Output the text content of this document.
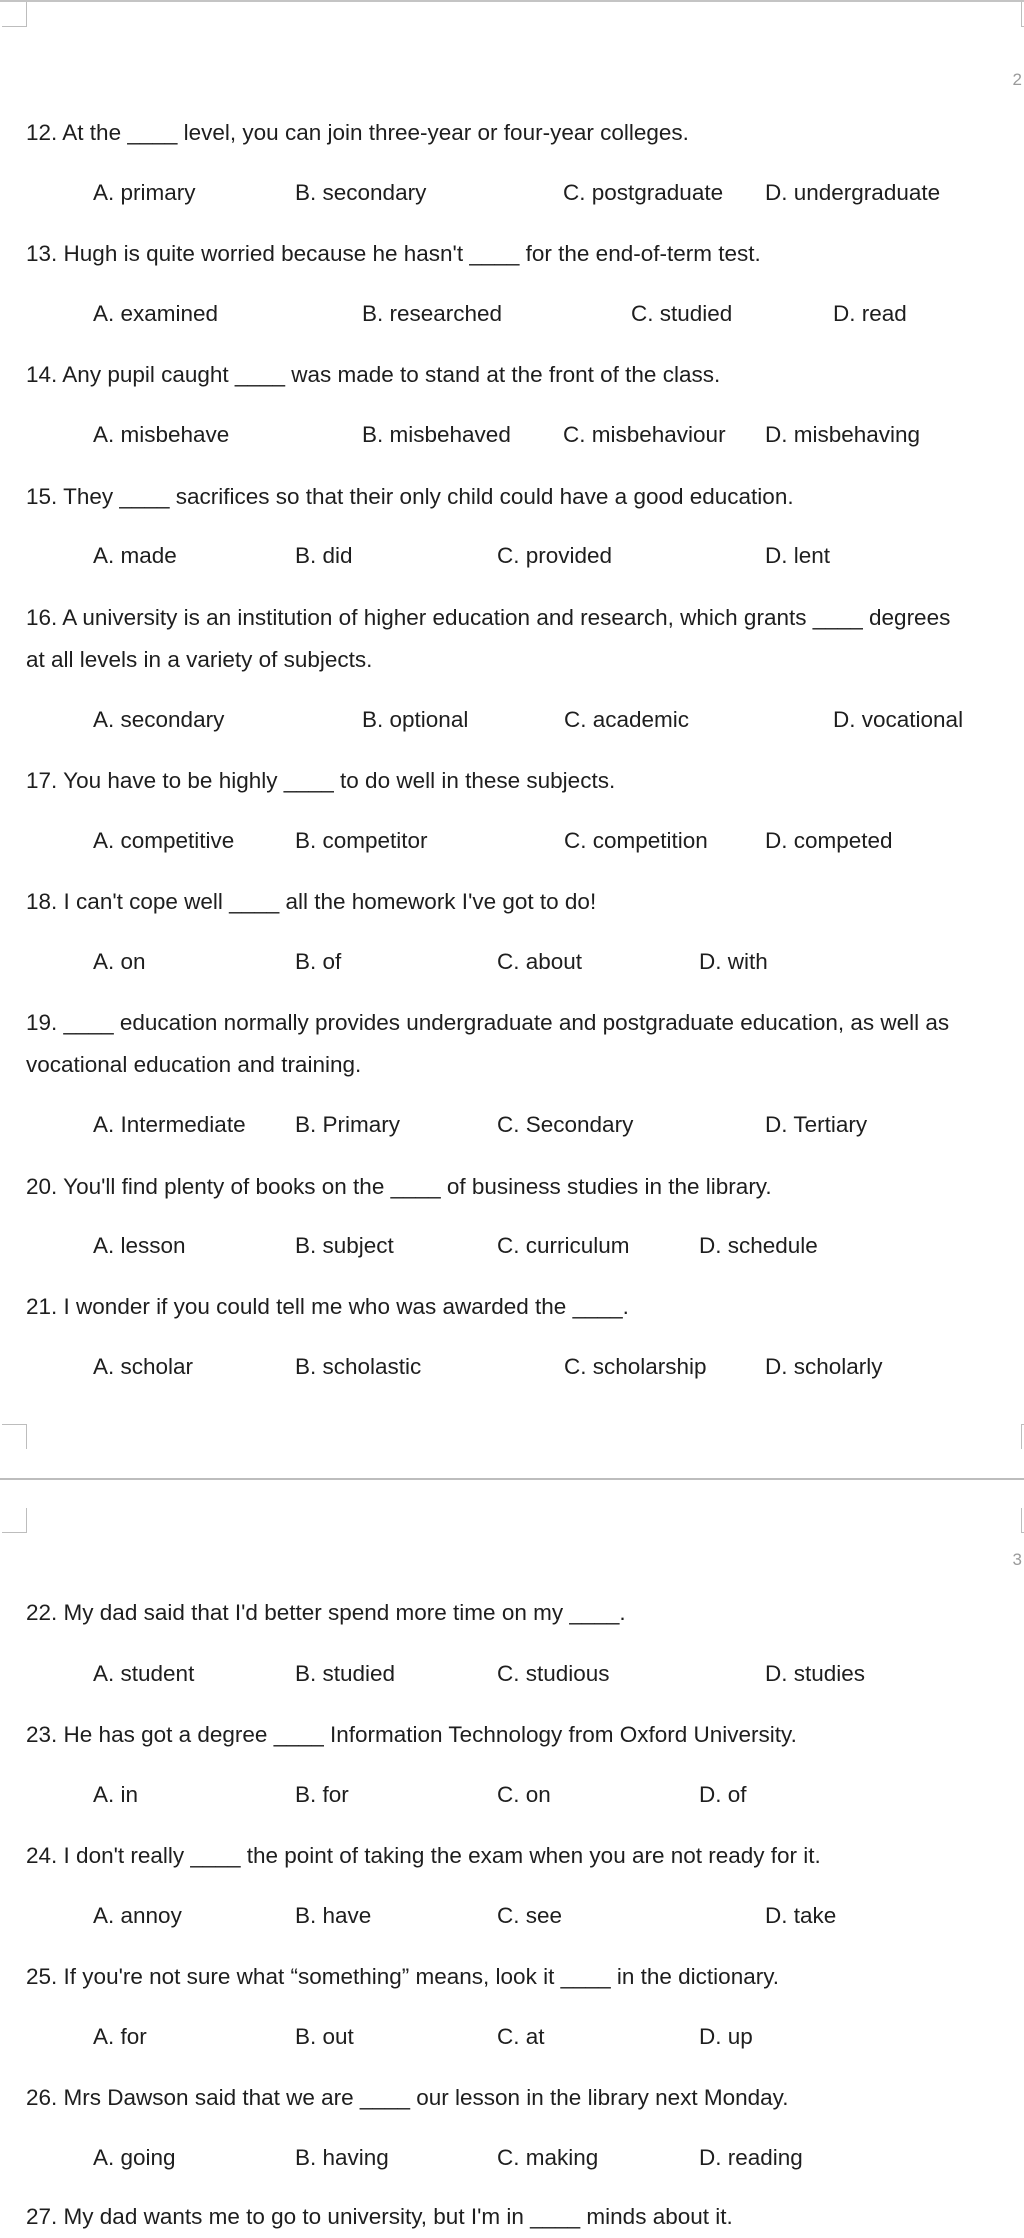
2
12. At the ____ level, you can join three-year or four-year colleges.
A. primary	B. secondary	C. postgraduate D. undergraduate
13. Hugh is quite worried because he hasn't ____ for the end-of-term test.
A. examined	B. researched	C. studied	D. read
14. Any pupil caught ____ was made to stand at the front of the class.
A. misbehave	B. misbehaved C. misbehaviour D. misbehaving
15. They ____ sacrifices so that their only child could have a good education.
A. made	B. did	C. provided	D. lent
16. A university is an institution of higher education and research, which grants ____ degrees
at all levels in a variety of subjects.
A. secondary	B. optional	C. academic	D. vocational
17. You have to be highly ____ to do well in these subjects.
A. competitive	B. competitor	C. competition	D. competed
18. I can't cope well ____ all the homework I've got to do!
A. on	B. of	C. about	D. with
19. ____ education normally provides undergraduate and postgraduate education, as well as
vocational education and training.
A. Intermediate B. Primary	C. Secondary	D. Tertiary
20. You'll find plenty of books on the ____ of business studies in the library.
A. lesson	B. subject	C. curriculum	D. schedule
21. I wonder if you could tell me who was awarded the ____.
A. scholar	B. scholastic	C. scholarship	D. scholarly
3
22. My dad said that I'd better spend more time on my ____.
A. student	B. studied	C. studious	D. studies
23. He has got a degree ____ Information Technology from Oxford University.
A. in	B. for	C. on	D. of
24. I don't really ____ the point of taking the exam when you are not ready for it.
A. annoy	B. have	C. see	D. take
25. If you're not sure what “something” means, look it ____ in the dictionary.
A. for	B. out	C. at	D. up
26. Mrs Dawson said that we are ____ our lesson in the library next Monday.
A. going	B. having	C. making	D. reading
27. My dad wants me to go to university, but I'm in ____ minds about it.
